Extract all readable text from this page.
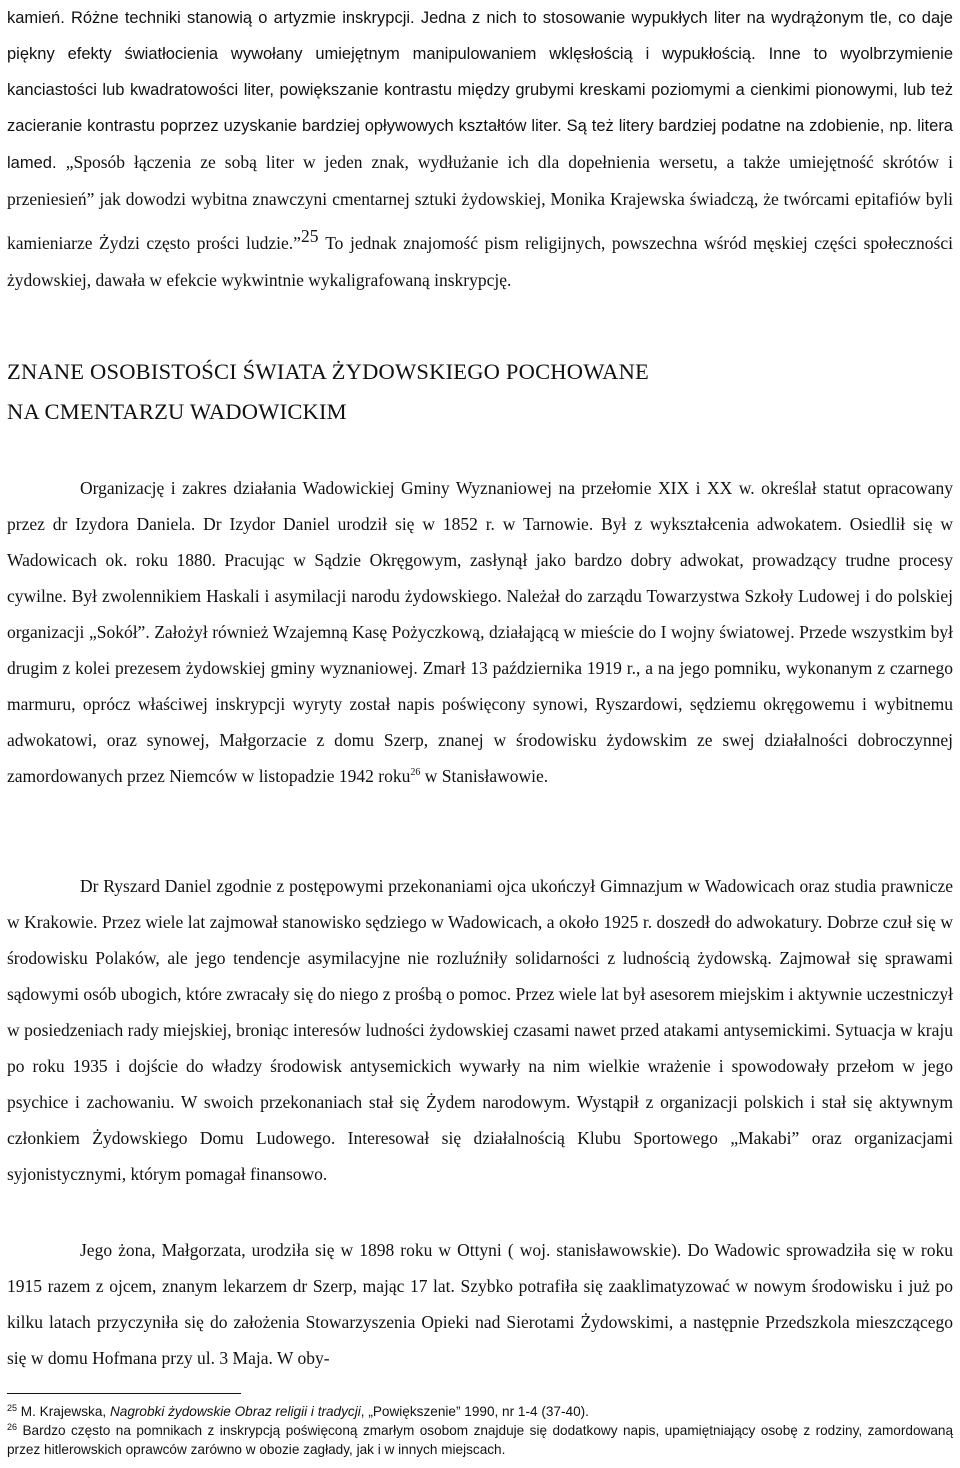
kamień. Różne techniki stanowią o artyzmie inskrypcji. Jedna z nich to stosowanie wypukłych liter na wydrążonym tle, co daje piękny efekty światłocienia wywołany umiejętnym manipulowaniem wklęsłością i wypukłością. Inne to wyolbrzymienie kanciastości lub kwadratowości liter, powiększanie kontrastu między grubymi kreskami poziomymi a cienkimi pionowymi, lub też zacieranie kontrastu poprzez uzyskanie bardziej opływowych kształtów liter. Są też litery bardziej podatne na zdobienie, np. litera lamed. „Sposób łączenia ze sobą liter w jeden znak, wydłużanie ich dla dopełnienia wersetu, a także umiejętność skrótów i przeniesień” jak dowodzi wybitna znawczyni cmentarnej sztuki żydowskiej, Monika Krajewska świadczą, że twórcami epitafiów byli kamieniarze Żydzi często prości ludzie.”$^{25}$ To jednak znajomość pism religijnych, powszechna wśród męskiej części społeczności żydowskiej, dawała w efekcie wykwintnie wykaligrafowaną inskrypcję.

ZNANE OSOBISTOŚCI ŚWIATA ŻYDOWSKIEGO POCHOWANE
NA CMENTARZU WADOWICKIM

Organizację i zakres działania Wadowickiej Gminy Wyznaniowej na przełomie XIX i XX w. określał statut opracowany przez dr Izydora Daniela. Dr Izydor Daniel urodził się w 1852 r. w Tarnowie. Był z wykształcenia adwokatem. Osiedlił się w Wadowicach ok. roku 1880. Pracując w Sądzie Okręgowym, zasłynął jako bardzo dobry adwokat, prowadzący trudne procesy cywilne. Był zwolennikiem Haskali i asymilacji narodu żydowskiego. Należał do zarządu Towarzystwa Szkoły Ludowej i do polskiej organizacji „Sokół”. Założył również Wzajemną Kasę Pożyczkową, działającą w mieście do I wojny światowej. Przede wszystkim był drugim z kolei prezesem żydowskiej gminy wyznaniowej. Zmarł 13 października 1919 r., a na jego pomniku, wykonanym z czarnego marmuru, oprócz właściwej inskrypcji wyryty został napis poświęcony synowi, Ryszardowi, sędziemu okręgowemu i wybitnemu adwokatowi, oraz synowej, Małgorzacie z domu Szerp, znanej w środowisku żydowskim ze swej działalności dobroczynnej zamordowanych przez Niemców w listopadzie 1942 roku$^{26}$ w Stanisławowie.

Dr Ryszard Daniel zgodnie z postępowymi przekonaniami ojca ukończył Gimnazjum w Wadowicach oraz studia prawnicze w Krakowie. Przez wiele lat zajmował stanowisko sędziego w Wadowicach, a około 1925 r. doszedł do adwokatury. Dobrze czuł się w środowisku Polaków, ale jego tendencje asymilacyjne nie rozluźniły solidarności z ludnością żydowską. Zajmował się sprawami sądowymi osób ubogich, które zwracały się do niego z prośbą o pomoc. Przez wiele lat był asesorem miejskim i aktywnie uczestniczył w posiedzeniach rady miejskiej, broniąc interesów ludności żydowskiej czasami nawet przed atakami antysemickimi. Sytuacja w kraju po roku 1935 i dojście do władzy środowisk antysemickich wywarły na nim wielkie wrażenie i spowodowały przełom w jego psychice i zachowaniu. W swoich przekonaniach stał się Żydem narodowym. Wystąpił z organizacji polskich i stał się aktywnym członkiem Żydowskiego Domu Ludowego. Interesował się działalnością Klubu Sportowego „Makabi” oraz organizacjami syjonistycznymi, którym pomagał finansowo.

Jego żona, Małgorzata, urodziła się w 1898 roku w Ottyni ( woj. stanisławowskie). Do Wadowic sprowadziła się w roku 1915 razem z ojcem, znanym lekarzem dr Szerp, mając 17 lat. Szybko potrafiła się zaaklimatyzować w nowym środowisku i już po kilku latach przyczyniła się do założenia Stowarzyszenia Opieki nad Sierotami Żydowskimi, a następnie Przedszkola mieszczącego się w domu Hofmana przy ul. 3 Maja. W oby-

$^{25}$ M. Krajewska, Nagrobki żydowskie Obraz religii i tradycji, „Powiększenie” 1990, nr 1-4 (37-40).

$^{26}$ Bardzo często na pomnikach z inskrypcją poświęconą zmarłym osobom znajduje się dodatkowy napis, upamiętniający osobę z rodziny, zamordowaną przez hitlerowskich oprawców zarówno w obozie zagłady, jak i w innych miejscach.
